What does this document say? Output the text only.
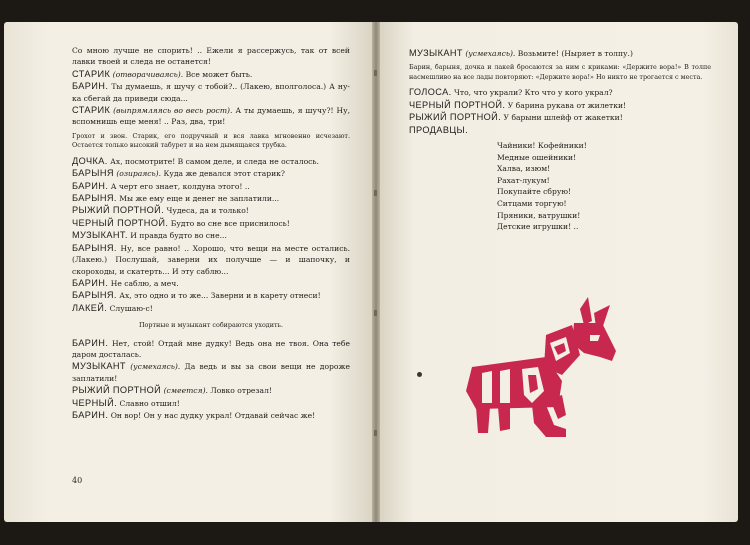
Со мною лучше не спорить! .. Ежели я рассержусь, так от всей лавки твоей и следа не останется!
СТАРИК (отворачиваясь). Все может быть.
БАРИН. Ты думаешь, я шучу с тобой?.. (Лакею, вполголоса.) А ну-ка сбегай да приведи сюда...
СТАРИК (выпрямляясь во весь рост). А ты думаешь, я шучу?! Ну, вспомнишь еще меня! .. Раз, два, три!
Грохот и звон. Старик, его подручный и вся лавка мгновенно исчезают. Остается только высокий табурет и на нем дымящаяся трубка.
ДОЧКА. Ах, посмотрите! В самом деле, и следа не осталось.
БАРЫНЯ (озираясь). Куда же девался этот старик?
БАРИН. А черт его знает, колдуна этого! ..
БАРЫНЯ. Мы же ему еще и денег не заплатили...
РЫЖИЙ ПОРТНОЙ. Чудеса, да и только!
ЧЕРНЫЙ ПОРТНОЙ. Будто во сне все приснилось!
МУЗЫКАНТ. И правда будто во сне...
БАРЫНЯ. Ну, все равно! .. Хорошо, что вещи на месте остались. (Лакею.) Послушай, заверни их получше — и шапочку, и скороходы, и скатерть... И эту саблю...
БАРИН. Не саблю, а меч.
БАРЫНЯ. Ах, это одно и то же... Заверни и в карету отнеси!
ЛАКЕЙ. Слушаю-с!
Портные и музыкант собираются уходить.
БАРИН. Нет, стой! Отдай мне дудку! Ведь она не твоя. Она тебе даром досталась.
МУЗЫКАНТ (усмехаясь). Да ведь и вы за свои вещи не дороже заплатили!
РЫЖИЙ ПОРТНОЙ (смеется). Ловко отрезал!
ЧЕРНЫЙ. Славно отшил!
БАРИН. Он вор! Он у нас дудку украл! Отдавай сейчас же!
40
МУЗЫКАНТ (усмехаясь). Возьмите! (Ныряет в толпу.)
Барин, барыня, дочка и лакей бросаются за ним с криками: «Держите вора!» В толпе насмешливо на все лады повторяют: «Держите вора!» Но никто не трогается с места.
ГОЛОСА. Что, что украли? Кто что у кого украл?
ЧЕРНЫЙ ПОРТНОЙ. У барина рукава от жилетки!
РЫЖИЙ ПОРТНОЙ. У барыни шлейф от жакетки!
ПРОДАВЦЫ.
Чайники! Кофейники!
Медные ошейники!
Халва, изюм!
Рахат-лукум!
Покупайте сбрую!
Ситцами торгую!
Пряники, ватрушки!
Детские игрушки! ..
